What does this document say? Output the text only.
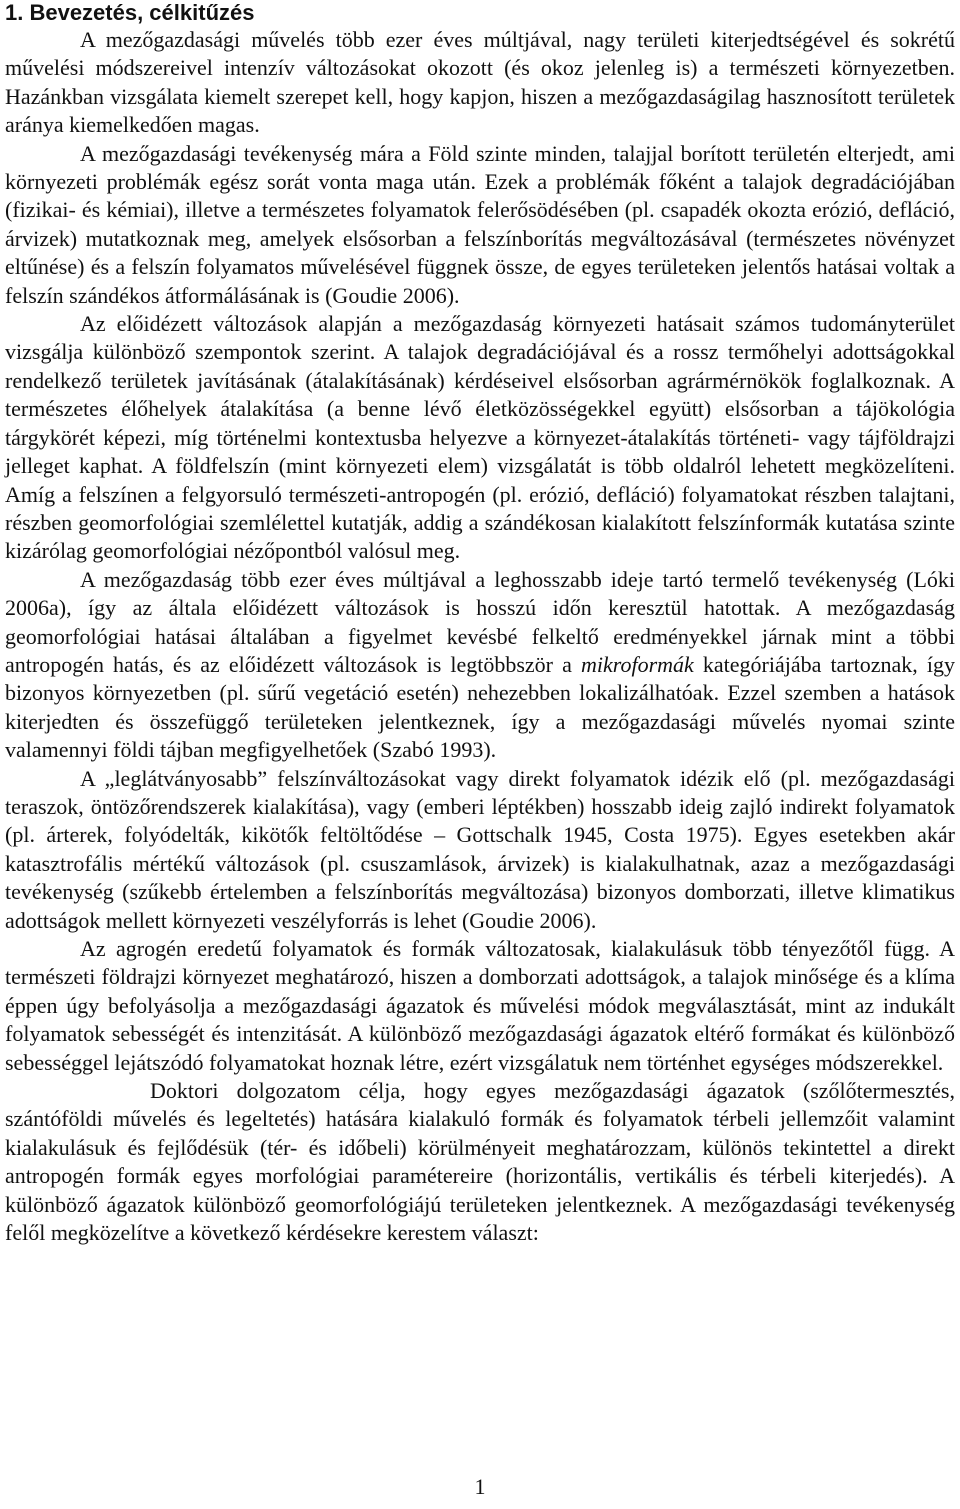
1. Bevezetés, célkitűzés

A mezőgazdasági művelés több ezer éves múltjával, nagy területi kiterjedtségével és sokrétű művelési módszereivel intenzív változásokat okozott (és okoz jelenleg is) a természeti környezetben. Hazánkban vizsgálata kiemelt szerepet kell, hogy kapjon, hiszen a mezőgazdaságilag hasznosított területek aránya kiemelkedően magas.

A mezőgazdasági tevékenység mára a Föld szinte minden, talajjal borított területén elterjedt, ami környezeti problémák egész sorát vonta maga után. Ezek a problémák főként a talajok degradációjában (fizikai- és kémiai), illetve a természetes folyamatok felerősödésében (pl. csapadék okozta erózió, defláció, árvizek) mutatkoznak meg, amelyek elsősorban a felszínborítás megváltozásával (természetes növényzet eltűnése) és a felszín folyamatos művelésével függnek össze, de egyes területeken jelentős hatásai voltak a felszín szándékos átformálásának is (Goudie 2006).

Az előidézett változások alapján a mezőgazdaság környezeti hatásait számos tudományterület vizsgálja különböző szempontok szerint. A talajok degradációjával és a rossz termőhelyi adottságokkal rendelkező területek javításának (átalakításának) kérdéseivel elsősorban agrármérnökök foglalkoznak. A természetes élőhelyek átalakítása (a benne lévő életközösségekkel együtt) elsősorban a tájökológia tárgykörét képezi, míg történelmi kontextusba helyezve a környezet-átalakítás történeti- vagy tájföldrajzi jelleget kaphat. A földfelszín (mint környezeti elem) vizsgálatát is több oldalról lehetett megközelíteni. Amíg a felszínen a felgyorsuló természeti-antropogén (pl. erózió, defláció) folyamatokat részben talajtani, részben geomorfológiai szemlélettel kutatják, addig a szándékosan kialakított felszínformák kutatása szinte kizárólag geomorfológiai nézőpontból valósul meg.

A mezőgazdaság több ezer éves múltjával a leghosszabb ideje tartó termelő tevékenység (Lóki 2006a), így az általa előidézett változások is hosszú időn keresztül hatottak. A mezőgazdaság geomorfológiai hatásai általában a figyelmet kevésbé felkeltő eredményekkel járnak mint a többi antropogén hatás, és az előidézett változások is legtöbbször a mikroformák kategóriájába tartoznak, így bizonyos környezetben (pl. sűrű vegetáció esetén) nehezebben lokalizálhatóak. Ezzel szemben a hatások kiterjedten és összefüggő területeken jelentkeznek, így a mezőgazdasági művelés nyomai szinte valamennyi földi tájban megfigyelhetőek (Szabó 1993).

A „leglátványosabb” felszínváltozásokat vagy direkt folyamatok idézik elő (pl. mezőgazdasági teraszok, öntözőrendszerek kialakítása), vagy (emberi léptékben) hosszabb ideig zajló indirekt folyamatok (pl. árterek, folyódelták, kikötők feltöltődése – Gottschalk 1945, Costa 1975). Egyes esetekben akár katasztrofális mértékű változások (pl. csuszamlások, árvizek) is kialakulhatnak, azaz a mezőgazdasági tevékenység (szűkebb értelemben a felszínborítás megváltozása) bizonyos domborzati, illetve klimatikus adottságok mellett környezeti veszélyforrás is lehet (Goudie 2006).

Az agrogén eredetű folyamatok és formák változatosak, kialakulásuk több tényezőtől függ. A természeti földrajzi környezet meghatározó, hiszen a domborzati adottságok, a talajok minősége és a klíma éppen úgy befolyásolja a mezőgazdasági ágazatok és művelési módok megválasztását, mint az indukált folyamatok sebességét és intenzitását. A különböző mezőgazdasági ágazatok eltérő formákat és különböző sebességgel lejátszódó folyamatokat hoznak létre, ezért vizsgálatuk nem történhet egységes módszerekkel.

Doktori dolgozatom célja, hogy egyes mezőgazdasági ágazatok (szőlőtermesztés, szántóföldi művelés és legeltetés) hatására kialakuló formák és folyamatok térbeli jellemzőit valamint kialakulásuk és fejlődésük (tér- és időbeli) körülményeit meghatározzam, különös tekintettel a direkt antropogén formák egyes morfológiai paramétereire (horizontális, vertikális és térbeli kiterjedés). A különböző ágazatok különböző geomorfológiájú területeken jelentkeznek. A mezőgazdasági tevékenység felől megközelítve a következő kérdésekre kerestem választ:

1
